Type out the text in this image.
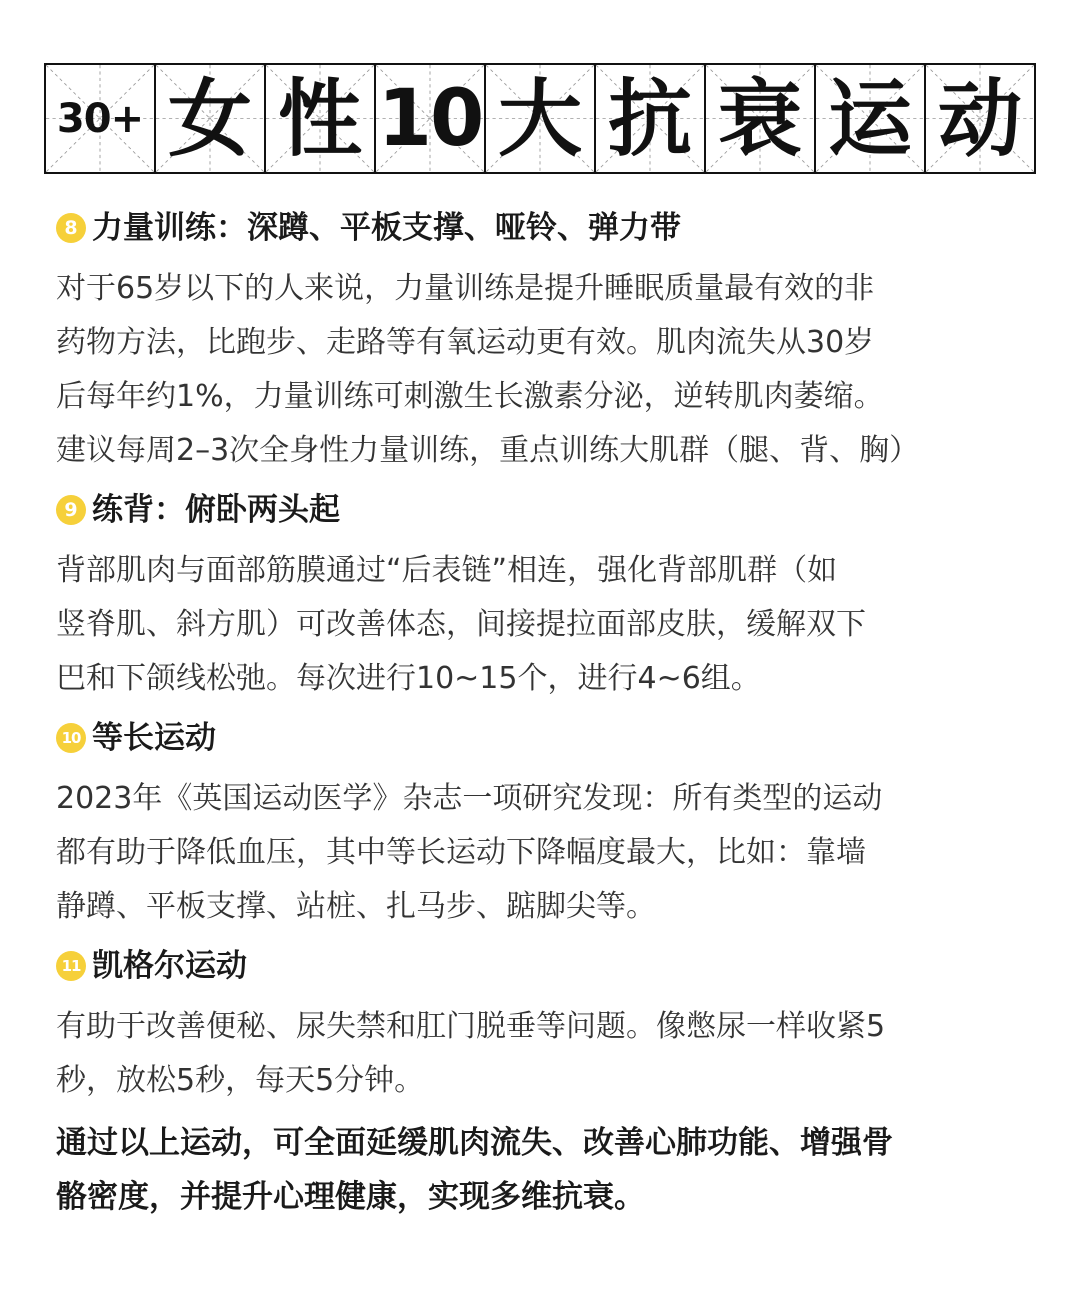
30+ 女 性 10 大 抗 衰 运 动
8 力量训练：深蹲、平板支撑、哑铃、弹力带
对于65岁以下的人来说，力量训练是提升睡眠质量最有效的非
药物方法，比跑步、走路等有氧运动更有效。肌肉流失从30岁
后每年约1%，力量训练可刺激生长激素分泌，逆转肌肉萎缩。
建议每周2–3次全身性力量训练，重点训练大肌群（腿、背、胸）
9 练背：俯卧两头起
背部肌肉与面部筋膜通过“后表链”相连，强化背部肌群（如
竖脊肌、斜方肌）可改善体态，间接提拉面部皮肤，缓解双下
巴和下颌线松弛。每次进行10~15个，进行4~6组。
10 等长运动
2023年《英国运动医学》杂志一项研究发现：所有类型的运动
都有助于降低血压，其中等长运动下降幅度最大，比如：靠墙
静蹲、平板支撑、站桩、扎马步、踮脚尖等。
11 凯格尔运动
有助于改善便秘、尿失禁和肛门脱垂等问题。像憋尿一样收紧5
秒，放松5秒，每天5分钟。
通过以上运动，可全面延缓肌肉流失、改善心肺功能、增强骨
骼密度，并提升心理健康，实现多维抗衰。
